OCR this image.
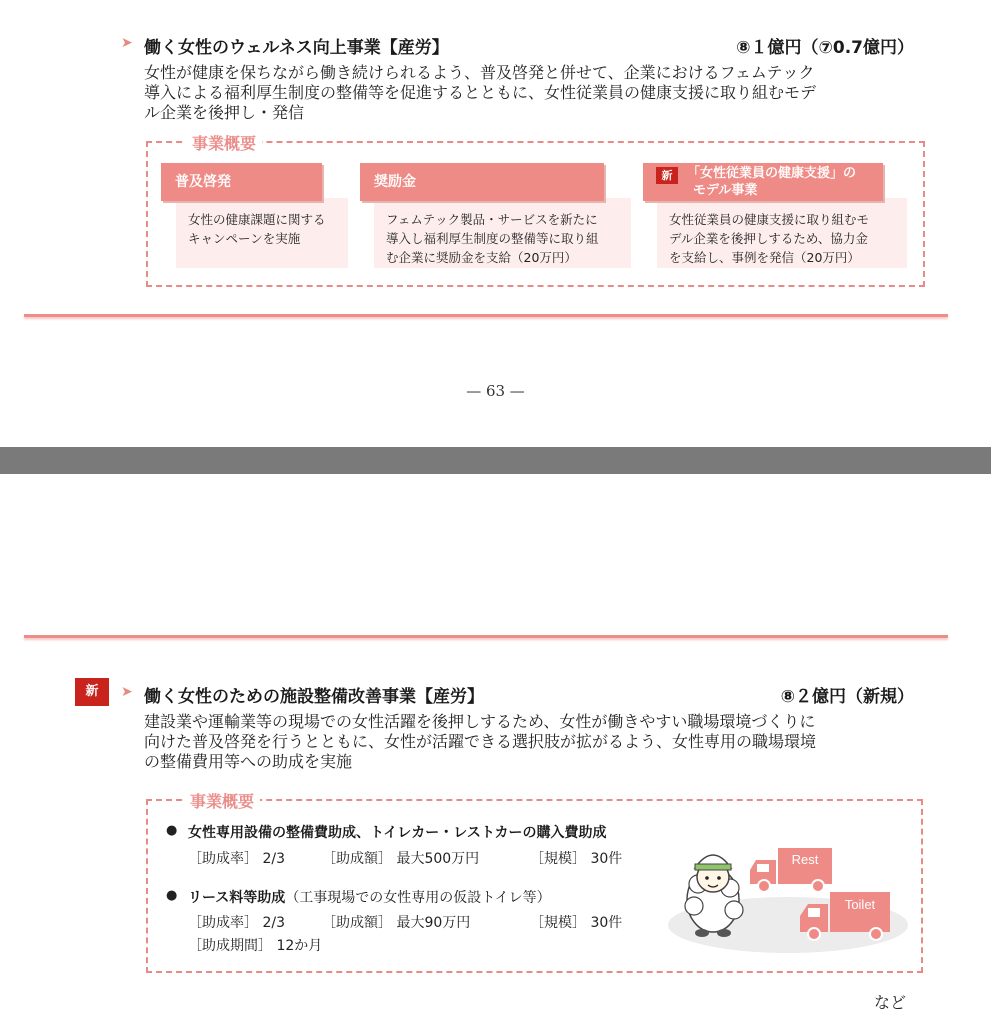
➤ 働く女性のウェルネス向上事業【産労】	⑧１億円（⑦0.7億円）
女性が健康を保ちながら働き続けられるよう、普及啓発と併せて、企業におけるフェムテック
導入による福利厚生制度の整備等を促進するとともに、女性従業員の健康支援に取り組むモデ
ル企業を後押し・発信
事業概要
女性の健康課題に関する
キャンペーンを実施
普及啓発
フェムテック製品・サービスを新たに
導入し福利厚生制度の整備等に取り組
む企業に奨励金を支給（20万円）
奨励金
女性従業員の健康支援に取り組むモ
デル企業を後押しするため、協力金
を支給し、事例を発信（20万円）
新	「女性従業員の健康支援」の
モデル事業
— 63 —
新	➤ 働く女性のための施設整備改善事業【産労】	⑧２億円（新規）
建設業や運輸業等の現場での女性活躍を後押しするため、女性が働きやすい職場環境づくりに
向けた普及啓発を行うとともに、女性が活躍できる選択肢が拡がるよう、女性専用の職場環境
の整備費用等への助成を実施
事業概要
● 女性専用設備の整備費助成、トイレカー・レストカーの購入費助成
［助成率］ 2/3	［助成額］ 最大500万円	［規模］ 30件
● リース料等助成（工事現場での女性専用の仮設トイレ等）
［助成率］ 2/3	［助成額］ 最大90万円	［規模］ 30件
［助成期間］ 12か月
Rest
Toilet
など
